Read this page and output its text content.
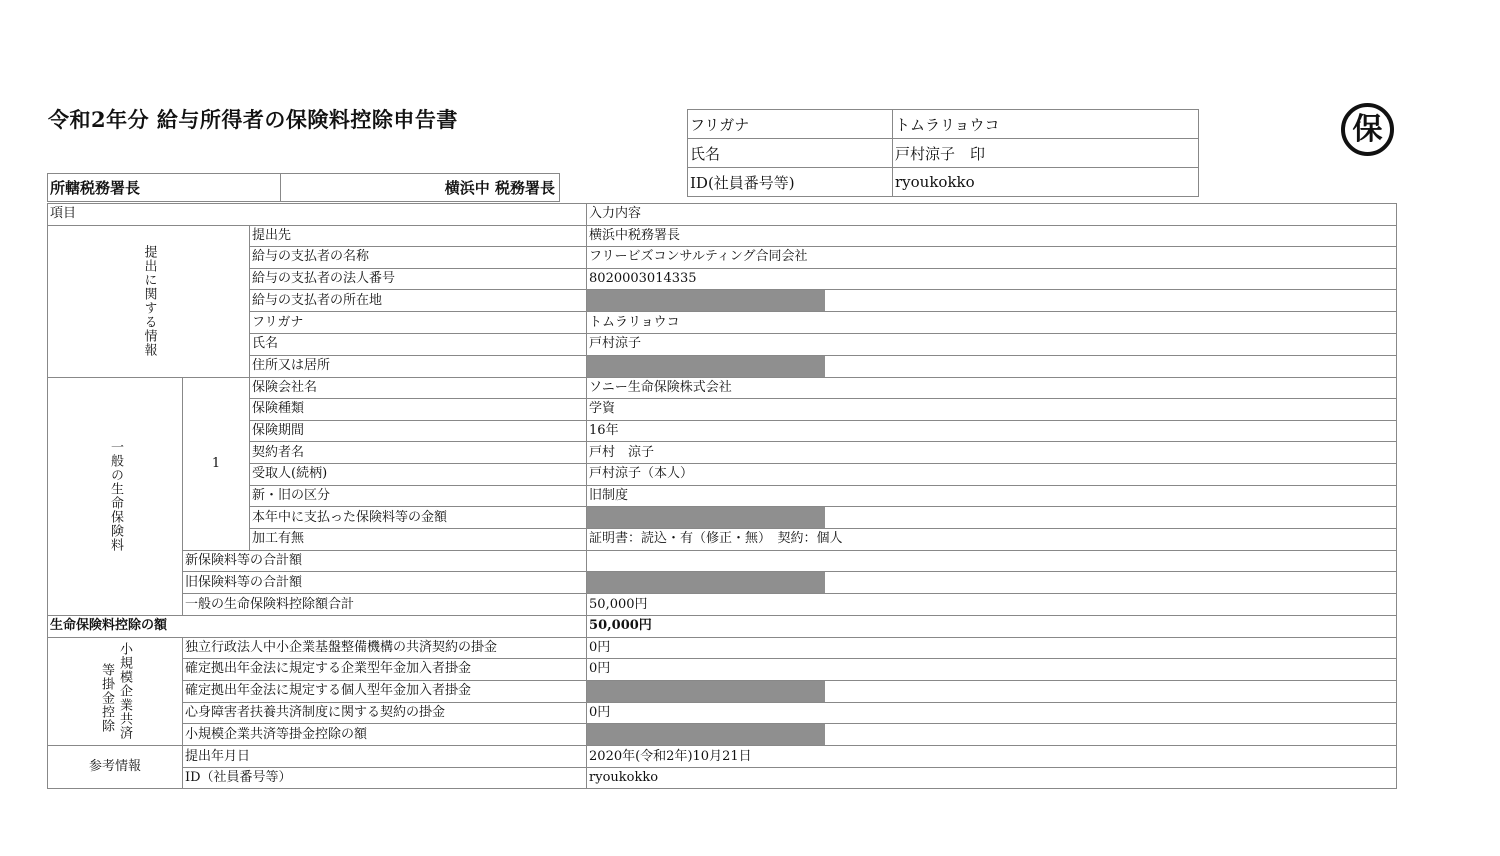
令和2年分 給与所得者の保険料控除申告書	フリガナ	トムラリョウコ
氏名	戸村涼子　印
ID(社員番号等)	ryoukokko
保
所轄税務署長	横浜中 税務署長
項目			入力内容

提出に関する情報		提出先	横浜中税務署長
		給与の支払者の名称	フリービズコンサルティング合同会社
		給与の支払者の法人番号	8020003014335
		給与の支払者の所在地	

		フリガナ	トムラリョウコ
		氏名	戸村涼子
		住所又は居所	

一般の生命保険料	1	保険会社名	ソニー生命保険株式会社
		保険種類	学資
		保険期間	16年
		契約者名	戸村　涼子
		受取人(続柄)	戸村涼子（本人）
		新・旧の区分	旧制度
		本年中に支払った保険料等の金額	

		加工有無	証明書：読込・有（修正・無）　契約：個人
	新保険料等の合計額		
	旧保険料等の合計額		

	一般の生命保険料控除額合計		50,000円
生命保険料控除の額			50,000円

小規模企業共済
等掛金控除	独立行政法人中小企業基盤整備機構の共済契約の掛金		0円
	確定拠出年金法に規定する企業型年金加入者掛金		0円
	確定拠出年金法に規定する個人型年金加入者掛金		

	心身障害者扶養共済制度に関する契約の掛金		0円
	小規模企業共済等掛金控除の額		

参考情報	提出年月日		2020年(令和2年)10月21日
	ID（社員番号等）		ryoukokko
